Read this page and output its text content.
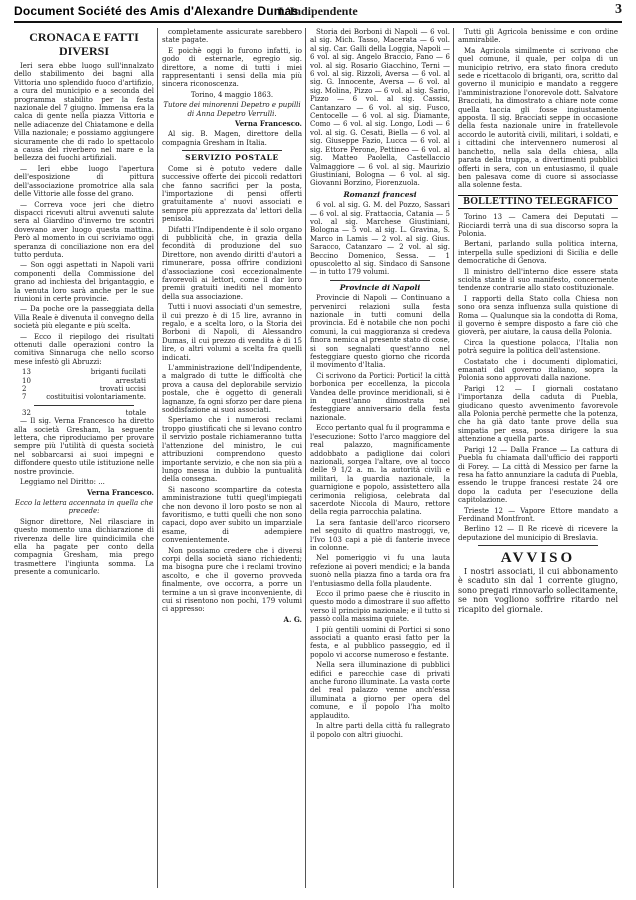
Document Société des Amis d'Alexandre Dumas
L'Indipendente	3
CRONACA E FATTI DIVERSI

Ieri sera ebbe luogo sull'innalzato dello stabilimento dei bagni alla Vittoria uno splendido fuoco d'artifizio, a cura del municipio e a seconda del programma stabilito per la festa nazionale del 7 giugno. Immensa era la calca di gente nella piazza Vittoria e nelle adiacenze del Chiatamone e della Villa nazionale; e possiamo aggiungere sicuramente che di rado lo spettacolo a causa del riverbero nel mare e la bellezza dei fuochi artifiziali.

— Ieri ebbe luogo l'apertura dell'esposizione di pittura dell'associazione promotrice alla sala delle Vittorie alle fosse del grano.

— Correva voce jeri che dietro dispacci ricevuti altrui avvenuti salute sera al Giardino d'inverno tre scontri dovevano aver luogo questa mattina. Però al momento in cui scriviamo oggi speranza di conciliazione non era del tutto perduta.

— Son oggi aspettati in Napoli varii componenti della Commissione del grano ad inchiesta del brigantaggio, e la venuta loro sarà anche per le sue riunioni in certe provincie.

— Da poche ore la passeggiata della Villa Reale è divenuta il convegno della società più elegante e più scelta.

— Ecco il riepilogo dei risultati ottenuti dalle operazioni contro la comitiva Sinnaruga che nello scorso mese infestò gli Abruzzi:

13	briganti fucilati
10	arrestati
2	trovati uccisi
7	costituitisi volontariamente.
32	totale

— Il sig. Verna Francesco ha diretto alla società Gresham, la seguente lettera, che riproduciamo per provare sempre più l'utilità di questa società nel sobbarcarsi ai suoi impegni e diffondere questo utile istituzione nelle nostre provincie.

Leggiamo nel Diritto: ...

Verna Francesco.

Ecco la lettera accennata in quella che precede:

Signor direttore, Nel rilasciare in questo momento una dichiarazione di riverenza delle lire quindicimila che ella ha pagate per conto della compagnia Gresham, mia prego trasmettere l'ingiunta somma. La presente a comunicarlo.

completamente assicurate sarebbero state pagate.

E poichè oggi lo furono infatti, io godo di esternarle, egregio sig. direttore, a nome di tutti i miei rappresentanti i sensi della mia più sincera riconoscenza.

Torino, 4 maggio 1863.

Tutore dei minorenni Depetro e pupilli di Anna Depetro Verrulli.

Verna Francesco.

Al sig. B. Magen, direttore della compagnia Gresham in Italia.

SERVIZIO POSTALE

Come si è potuto vedere dalle successive offerte dei piccoli redattori che fanno sacrifici per la posta, l'importazione di pensi offerti gratuitamente a' nuovi associati e sempre più apprezzata da' lettori della penisola.

Difatti l'Indipendente è il solo organo di pubblicità che, in grazia della fecondità di produzione del suo Direttore, non avendo diritti d'autori a rimunerare, possa offrire condizioni d'associazione così eccezionalmente favorevoli ai lettori, come il dar loro premii gratuiti inediti nel momento della sua associazione.

Tutti i nuovi associati d'un semestre, il cui prezzo è di 15 lire, avranno in regalo, e a scelta loro, o la Storia dei Borboni di Napoli, di Alessandro Dumas, il cui prezzo di vendita è di 15 lire, o altri volumi a scelta fra quelli indicati.

L'amministrazione dell'Indipendente, a malgrado di tutte le difficoltà che prova a causa del deplorabile servizio postale, che è oggetto di generali lagnanze, fa ogni sforzo per dare piena soddisfazione ai suoi associati.

Speriamo che i numerosi reclami troppo giustificati che si levano contro il servizio postale richiameranno tutta l'attenzione del ministro, le cui attribuzioni comprendono questo importante servizio, e che non sia più a lungo messa in dubbio la puntualità della consegna.

Si nascono scompartire da cotesta amministrazione tutti quegl'impiegati che non devono il loro posto se non al favoritismo, e tutti quelli che non sono capaci, dopo aver subito un imparziale esame, di adempiere convenientemente.

Non possiamo credere che i diversi corpi della società siano richiedenti; ma bisogna pure che i reclami trovino ascolto, e che il governo provveda finalmente, ove occorra, a porre un termine a un sì grave inconveniente, di cui si risentono non pochi, 179 volumi ci appresso:

A. G.

Storia dei Borboni di Napoli — 6 vol. al sig. Mich. Tasso, Macerata — 6 vol. al sig. Car. Galli della Loggia, Napoli — 6 vol. al sig. Angelo Braccio, Fano — 6 vol. al sig. Rosario Giacchino, Terni — 6 vol. al sig. Rizzoli, Aversa — 6 vol. al sig. G. Innocente, Aversa — 6 vol. al sig. Molina, Pizzo — 6 vol. al sig. Sario, Pizzo — 6 vol. al sig. Cassisi, Cantanzaro — 6 vol. al sig. Fusco, Centocelle — 6 vol. al sig. Diamante, Como — 6 vol. al sig. Longo, Lodi — 6 vol. al sig. G. Cesati, Biella — 6 vol. al sig. Giuseppe Fazio, Lucca — 6 vol. al sig. Ettore Perone, Pettineo — 6 vol. al sig. Matteo Paolella, Castellaccio Valmaggiore — 6 vol. al sig. Maurizio Giustiniani, Bologna — 6 vol. al sig. Giovanni Borzino, Fiorenzuola.

Romanzi francesi

6 vol. al sig. G. M. del Pozzo, Sassari — 6 vol. al sig. Frattaccia, Catania — 5 vol. al sig. Marchese Giustiniani, Bologna — 5 vol. al sig. L. Gravina, S. Marco in Lamis — 2 vol. al sig. Gius. Saracco, Catanzaro — 2 vol. al sig. Beccino Domenico, Sessa. — 1 opuscoletto al sig. Sindaco di Sansone — in tutto 179 volumi.

Provincie di Napoli

Provincie di Napoli — Continuano a pervenirci relazioni sulla festa nazionale in tutti comuni della provincia. Ed è notabile che non pochi comuni, la cui maggioranza si credeva finora nemica al presente stato di cose, si son segnalati quest'anno nel festeggiare questo giorno che ricorda il movimento d'Italia.

Ci scrivono da Portici: Portici! la città borbonica per eccellenza, la piccola Vandea delle province meridionali, si è in quest'anno dimostrata nel festeggiare anniversario della festa nazionale.

Ecco pertanto qual fu il programma e l'esecuzione: Sotto l'arco maggiore del real palazzo, magnificamente addobbato a padiglione dai colori nazionali, sorgea l'altare, ove al tocco delle 9 1/2 a. m. la autorità civili e militari, la guardia nazionale, la guarnigione e popolo, assistettero alla cerimonia religiosa, celebrata dal sacerdote Niccola di Mauro, rettore della regia parrocchia palatina.

La sera fantasie dell'arco ricorsero nel seguito di quattro mastroggi, ve, l'Ivo 103 capi a piè di fanterie invece in colonne.

Nel pomeriggio vi fu una lauta refezione ai poveri mendici; e la banda suonò nella piazza fino a tarda ora fra l'entusiasmo della folla plaudente.

Ecco il primo paese che è riuscito in questo modo a dimostrare il suo affetto verso il principio nazionale; e il tutto si passò colla massima quiete.

I più gentili uomini di Portici si sono associati a quanto erasi fatto per la festa, e al pubblico passeggio, ed il popolo vi accorse numeroso e festante.

Nella sera illuminazione di pubblici edifici e parecchie case di privati anche furono illuminate. La vasta corte del real palazzo venne anch'essa illuminata a giorno per opera del comune, e il popolo l'ha molto applaudito.

In altre parti della città fu rallegrato il popolo con altri giuochi.

Tutti gli Agricola benissime e con ordine ammirabile.

Ma Agricola similmente ci scrivono che quel comune, il quale, per colpa di un municipio retrivo, era stato finora creduto sede e ricettacolo di briganti, ora, scritto dal governo il municipio e mandato a reggere l'amministrazione l'onorevole dott. Salvatore Bracciati, ha dimostrato a chiare note come quella taccia gli fosse ingiustamente apposta. Il sig. Bracciati seppe in occasione della festa nazionale unire in fratellevole accordo le autorità civili, militari, i soldati, e i cittadini che intervennero numerosi al banchetto, nella sala della chiesa, alla parata della truppa, a divertimenti pubblici offerti in sera, con un entusiasmo, il quale ben palesava come di cuore si associasse alla solenne festa.

BOLLETTINO TELEGRAFICO

Torino 13 — Camera dei Deputati — Ricciardi terrà una di sua discorso sopra la Polonia.

Bertani, parlando sulla politica interna, interpella sulle spedizioni di Sicilia e delle democratiche di Genova.

Il ministro dell'interno dice essere stata sciolta stante il suo manifesto, concernente tendenze contrarie allo stato costituzionale.

I rapporti della Stato colla Chiesa non sono ora senza influenza sulla quistione di Roma — Qualunque sia la condotta di Roma, il governo è sempre disposto a fare ciò che gioverà, per aiutare, la causa della Polonia.

Circa la questione polacca, l'Italia non potrà seguire la politica dell'astensione.

Costatato che i documenti diplomatici, emanati dal governo italiano, sopra la Polonia sono approvati dalla nazione.

Parigi 12 — I giornali costatano l'importanza della caduta di Puebla, giudicano questo avvenimento favorevole alla Polonia perchè permette che la potenza, che ha già dato tante prove della sua simpatia per essa, possa dirigere la sua attenzione a quella parte.

Parigi 12 — Dalla France — La cattura di Puebla fu chiamata dall'ufficio dei rapporti di Forey. — La città di Messico per farne la resa ha fatto annunziare la caduta di Puebla, essendo le truppe francesi restate 24 ore dopo la caduta per l'esecuzione della capitolazione.

Trieste 12 — Vapore Ettore mandato a Ferdinand Montfront.

Berlino 12 — Il Re ricevè di ricevere la deputazione del municipio di Breslavia.

AVVISO

I nostri associati, il cui abbonamento è scaduto sin dal 1 corrente giugno, sono pregati rinnovarlo sollecitamente, se non vogliono soffrire ritardo nel ricapito del giornale.
